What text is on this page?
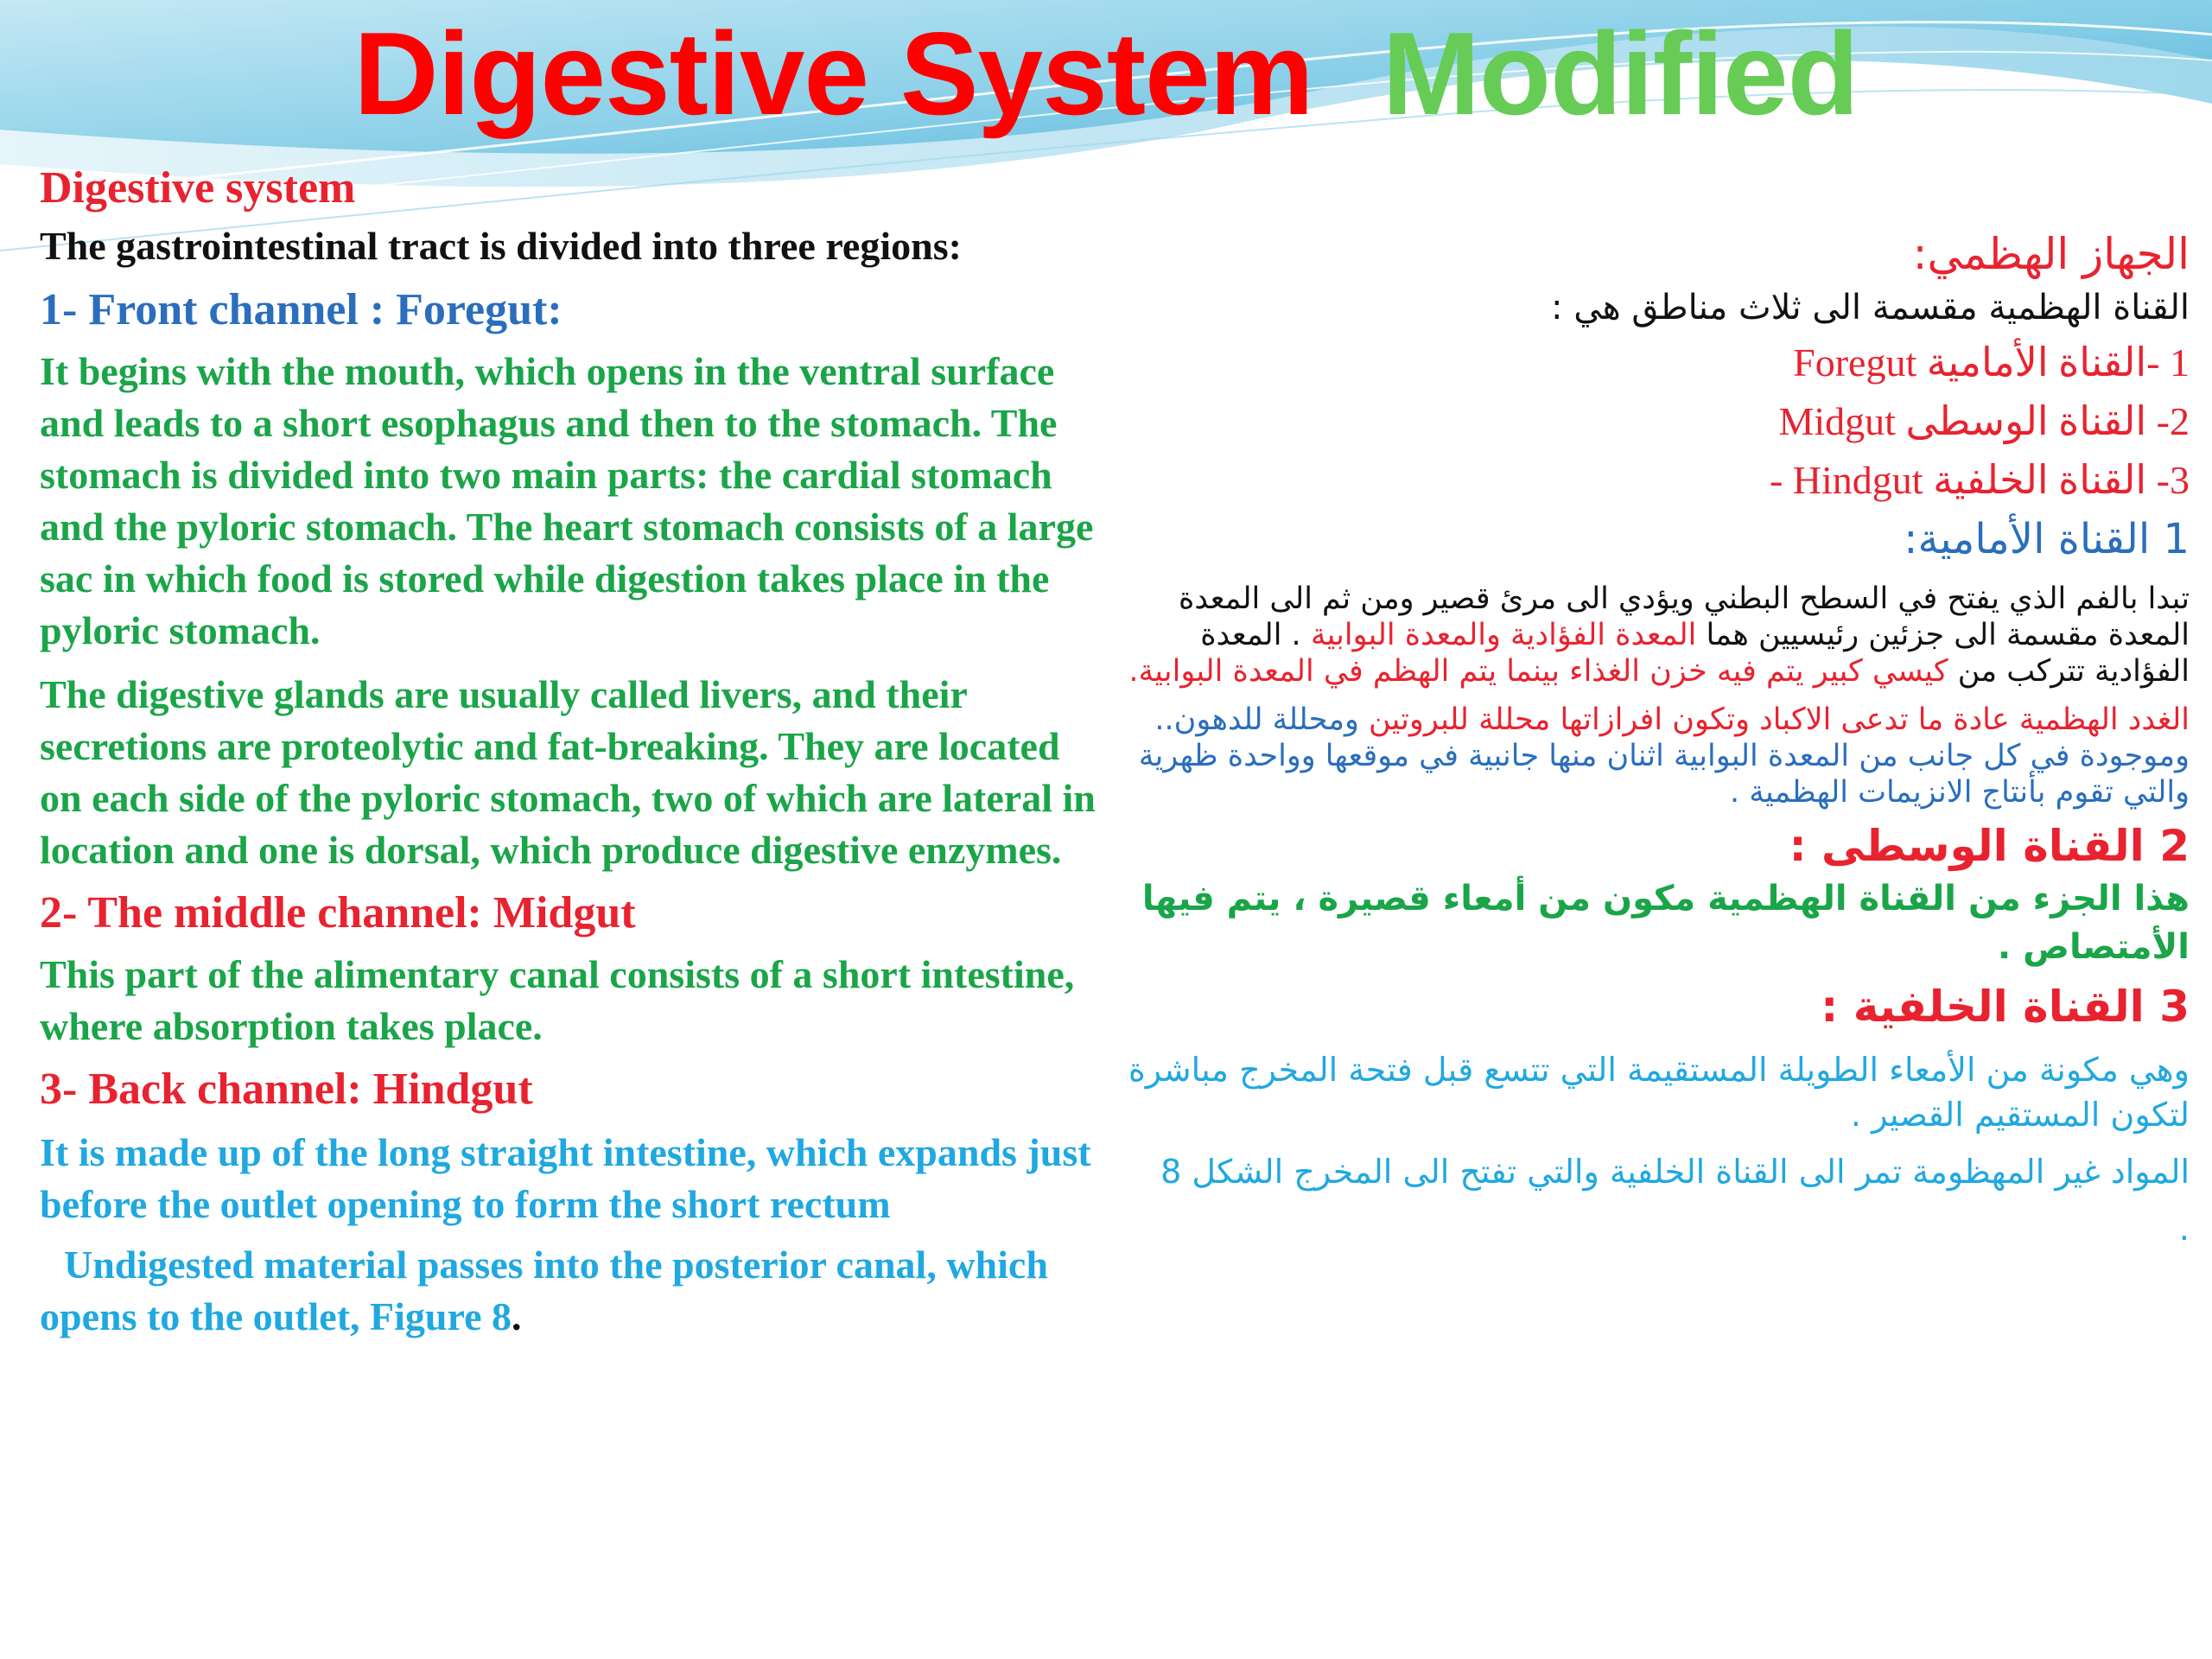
Digestive System Modified

Digestive system

The gastrointestinal tract is divided into three regions:

1- Front channel : Foregut:

It begins with the mouth, which opens in the ventral surface and leads to a short esophagus and then to the stomach. The stomach is divided into two main parts: the cardial stomach and the pyloric stomach. The heart stomach consists of a large sac in which food is stored while digestion takes place in the pyloric stomach.

The digestive glands are usually called livers, and their secretions are proteolytic and fat-breaking. They are located on each side of the pyloric stomach, two of which are lateral in location and one is dorsal, which produce digestive enzymes.

2- The middle channel: Midgut

This part of the alimentary canal consists of a short intestine, where absorption takes place.

3- Back channel: Hindgut

It is made up of the long straight intestine, which expands just before the outlet opening to form the short rectum

Undigested material passes into the posterior canal, which opens to the outlet, Figure 8.

الجهاز الهظمي:

القناة الهظمية مقسمة الى ثلاث مناطق هي :

1 -القناة الأمامية Foregut

2- القناة الوسطى Midgut

3- القناة الخلفية Hindgut -

1 القناة الأمامية:

تبدا بالفم الذي يفتح في السطح البطني ويؤدي الى مرئ قصير ومن ثم الى المعدة المعدة مقسمة الى جزئين رئيسيين هما المعدة الفؤادية والمعدة البوابية . المعدة الفؤادية تتركب من كيسي كبير يتم فيه خزن الغذاء بينما يتم الهظم في المعدة البوابية.

الغدد الهظمية عادة ما تدعى الاكباد وتكون افرازاتها محللة للبروتين ومحللة للدهون.. وموجودة في كل جانب من المعدة البوابية اثنان منها جانبية في موقعها وواحدة ظهرية والتي تقوم بأنتاج الانزيمات الهظمية .

2 القناة الوسطى :

هذا الجزء من القناة الهظمية مكون من أمعاء قصيرة ، يتم فيها الأمتصاص .

3 القناة الخلفية :

وهي مكونة من الأمعاء الطويلة المستقيمة التي تتسع قبل فتحة المخرج مباشرة لتكون المستقيم القصير .

المواد غير المهظومة تمر الى القناة الخلفية والتي تفتح الى المخرج الشكل 8

.
